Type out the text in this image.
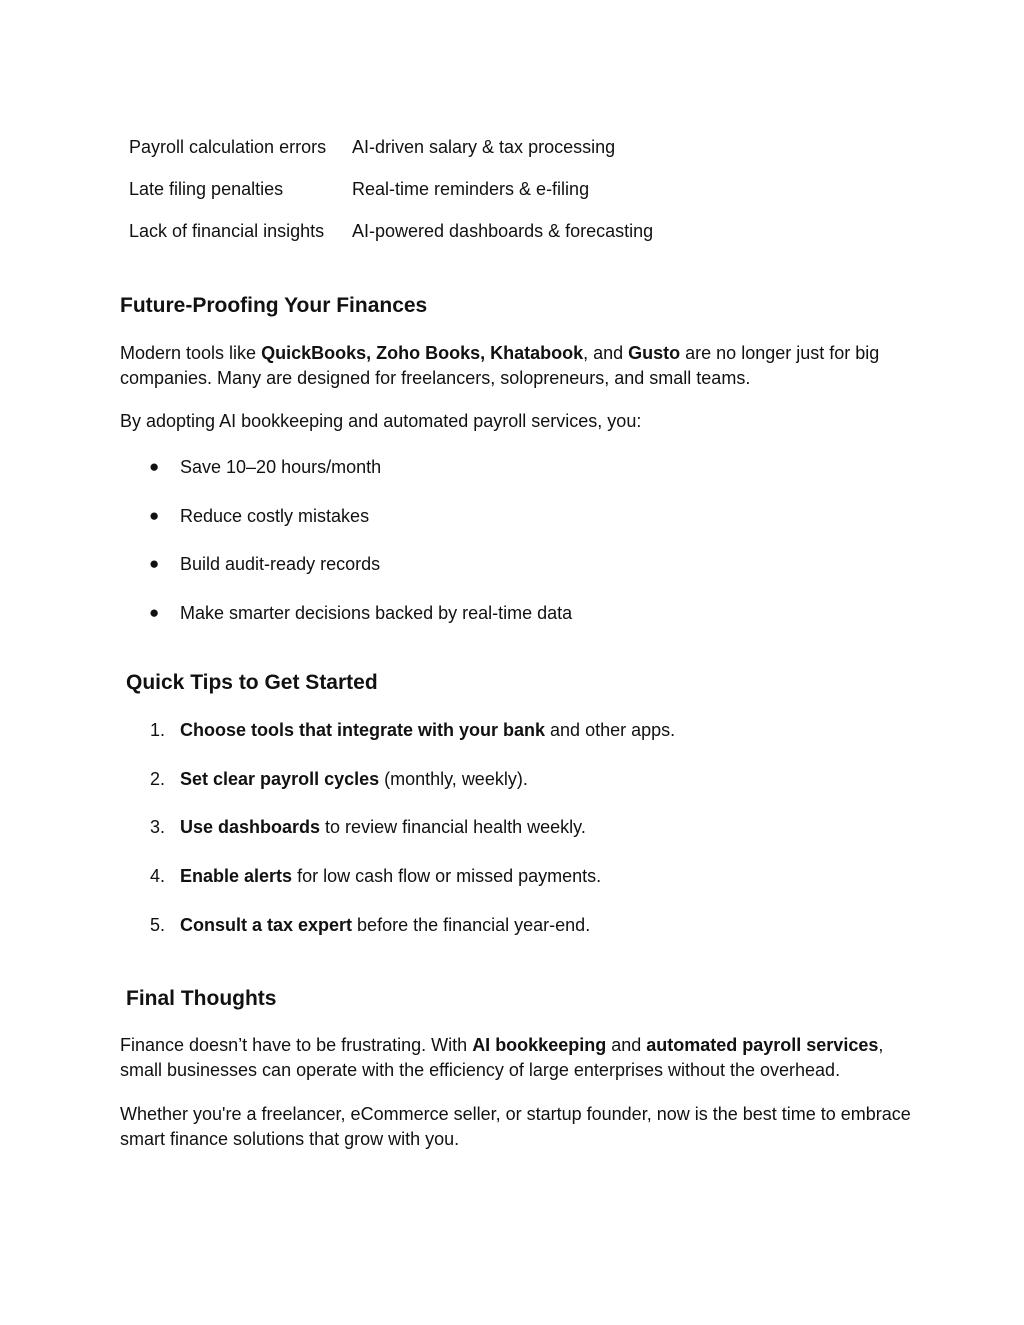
Payroll calculation errors	AI-driven salary & tax processing
Late filing penalties	Real-time reminders & e-filing
Lack of financial insights	AI-powered dashboards & forecasting
Future-Proofing Your Finances

Modern tools like QuickBooks, Zoho Books, Khatabook, and Gusto are no longer just for big companies. Many are designed for freelancers, solopreneurs, and small teams.

By adopting AI bookkeeping and automated payroll services, you:

●	Save 10–20 hours/month
●	Reduce costly mistakes
●	Build audit-ready records
●	Make smarter decisions backed by real-time data
Quick Tips to Get Started
1. Choose tools that integrate with your bank and other apps.
2. Set clear payroll cycles (monthly, weekly).
3. Use dashboards to review financial health weekly.
4. Enable alerts for low cash flow or missed payments.
5. Consult a tax expert before the financial year-end.
Final Thoughts

Finance doesn’t have to be frustrating. With AI bookkeeping and automated payroll services, small businesses can operate with the efficiency of large enterprises without the overhead.

Whether you're a freelancer, eCommerce seller, or startup founder, now is the best time to embrace smart finance solutions that grow with you.
